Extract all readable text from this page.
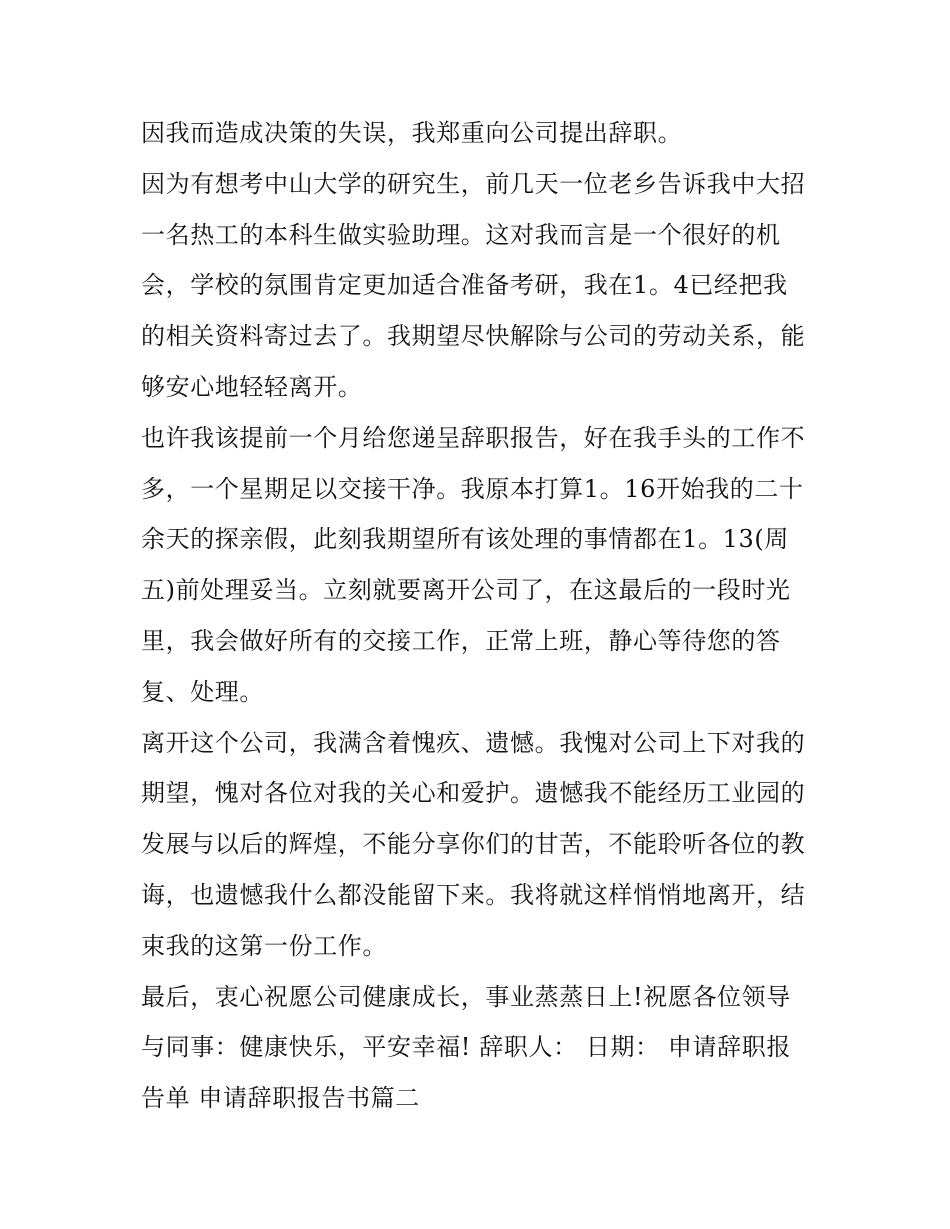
因我而造成决策的失误，我郑重向公司提出辞职。
因为有想考中山大学的研究生，前几天一位老乡告诉我中大招
一名热工的本科生做实验助理。这对我而言是一个很好的机
会，学校的氛围肯定更加适合准备考研，我在1。4已经把我
的相关资料寄过去了。我期望尽快解除与公司的劳动关系，能
够安心地轻轻离开。
也许我该提前一个月给您递呈辞职报告，好在我手头的工作不
多，一个星期足以交接干净。我原本打算1。16开始我的二十
余天的探亲假，此刻我期望所有该处理的事情都在1。13(周
五)前处理妥当。立刻就要离开公司了，在这最后的一段时光
里，我会做好所有的交接工作，正常上班，静心等待您的答
复、处理。
离开这个公司，我满含着愧疚、遗憾。我愧对公司上下对我的
期望，愧对各位对我的关心和爱护。遗憾我不能经历工业园的
发展与以后的辉煌，不能分享你们的甘苦，不能聆听各位的教
诲，也遗憾我什么都没能留下来。我将就这样悄悄地离开，结
束我的这第一份工作。
最后，衷心祝愿公司健康成长，事业蒸蒸日上!祝愿各位领导
与同事：健康快乐，平安幸福! 辞职人： 日期： 申请辞职报
告单 申请辞职报告书篇二
